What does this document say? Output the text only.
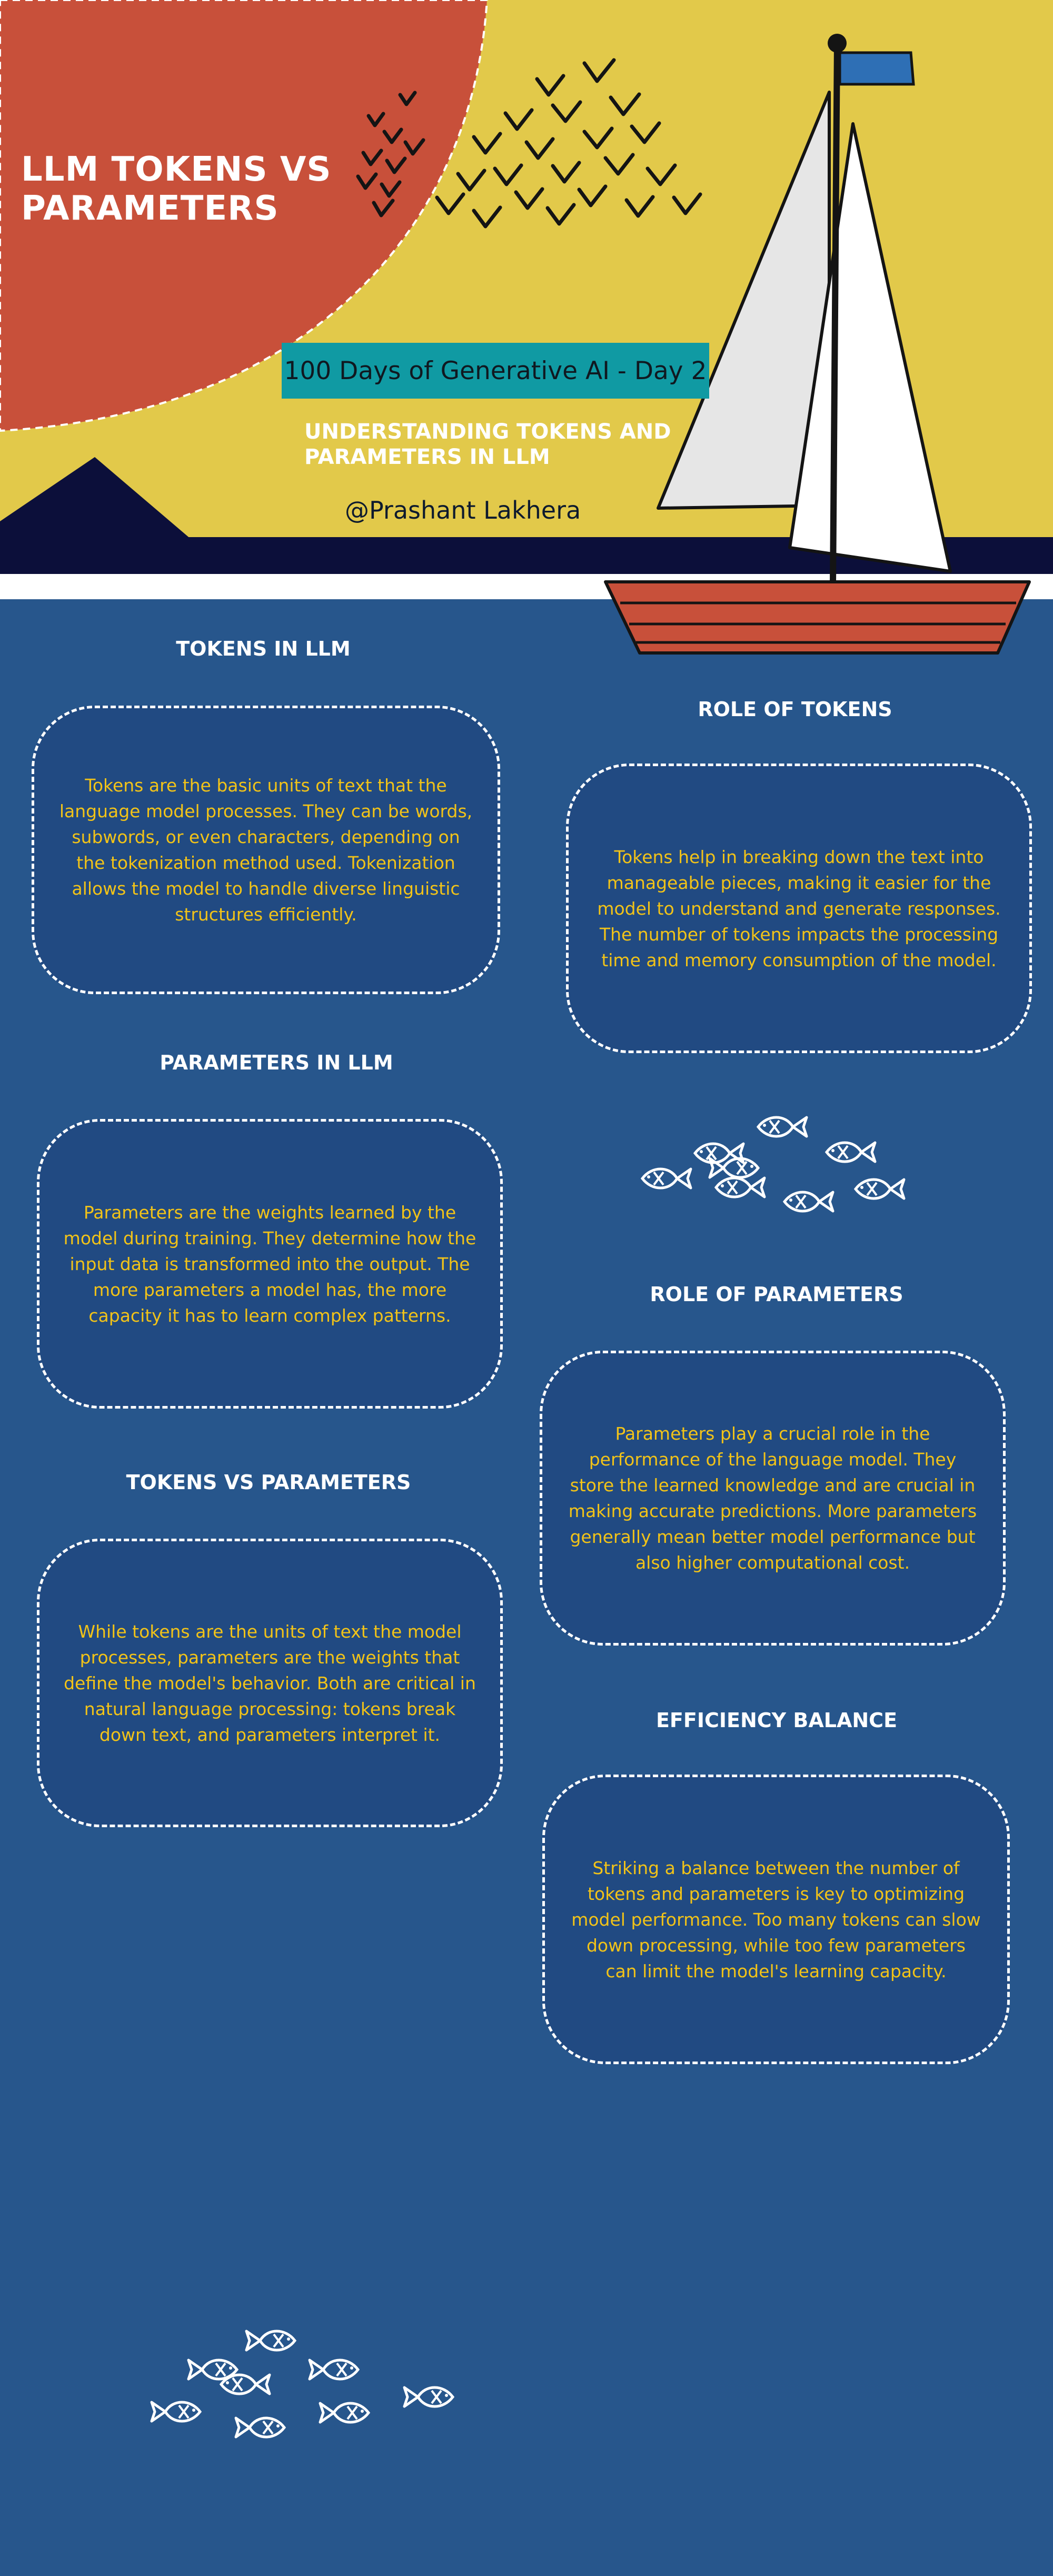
LLM TOKENS VS PARAMETERS
100 Days of Generative AI - Day 2
UNDERSTANDING TOKENS AND PARAMETERS IN LLM
@Prashant Lakhera
TOKENS IN LLM
Tokens are the basic units of text that the language model processes. They can be words, subwords, or even characters, depending on the tokenization method used. Tokenization allows the model to handle diverse linguistic structures efficiently.
ROLE OF TOKENS
Tokens help in breaking down the text into manageable pieces, making it easier for the model to understand and generate responses. The number of tokens impacts the processing time and memory consumption of the model.
PARAMETERS IN LLM
Parameters are the weights learned by the model during training. They determine how the input data is transformed into the output. The more parameters a model has, the more capacity it has to learn complex patterns.
ROLE OF PARAMETERS
Parameters play a crucial role in the performance of the language model. They store the learned knowledge and are crucial in making accurate predictions. More parameters generally mean better model performance but also higher computational cost.
TOKENS VS PARAMETERS
While tokens are the units of text the model processes, parameters are the weights that define the model's behavior. Both are critical in natural language processing: tokens break down text, and parameters interpret it.
EFFICIENCY BALANCE
Striking a balance between the number of tokens and parameters is key to optimizing model performance. Too many tokens can slow down processing, while too few parameters can limit the model's learning capacity.
